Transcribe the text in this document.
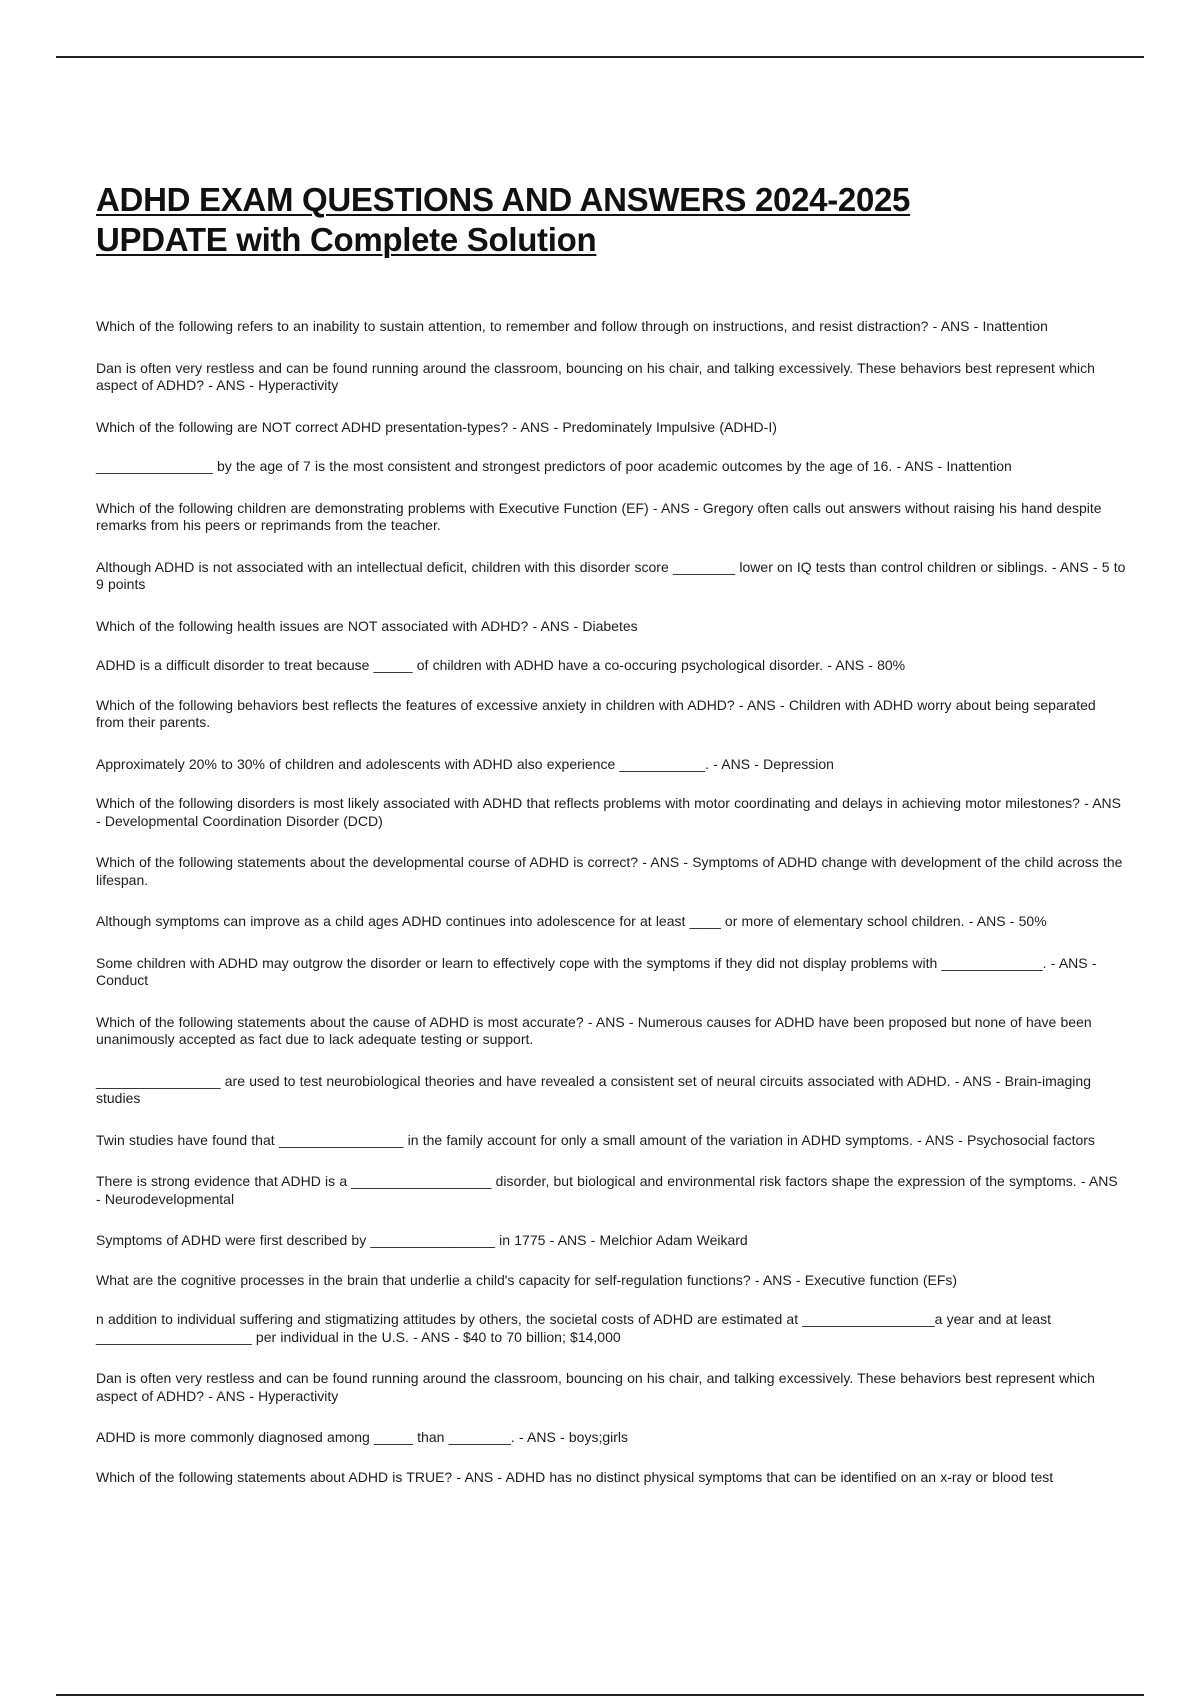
ADHD EXAM QUESTIONS AND ANSWERS 2024-2025
UPDATE with Complete Solution
Which of the following refers to an inability to sustain attention, to remember and follow through on instructions, and resist distraction? - ANS - Inattention
Dan is often very restless and can be found running around the classroom, bouncing on his chair, and talking excessively. These behaviors best represent which aspect of ADHD? - ANS - Hyperactivity
Which of the following are NOT correct ADHD presentation-types? - ANS - Predominately Impulsive (ADHD-I)
_______________ by the age of 7 is the most consistent and strongest predictors of poor academic outcomes by the age of 16. - ANS - Inattention
Which of the following children are demonstrating problems with Executive Function (EF) - ANS - Gregory often calls out answers without raising his hand despite remarks from his peers or reprimands from the teacher.
Although ADHD is not associated with an intellectual deficit, children with this disorder score ________ lower on IQ tests than control children or siblings. - ANS - 5 to 9 points
Which of the following health issues are NOT associated with ADHD? - ANS - Diabetes
ADHD is a difficult disorder to treat because _____ of children with ADHD have a co-occuring psychological disorder. - ANS - 80%
Which of the following behaviors best reflects the features of excessive anxiety in children with ADHD? - ANS - Children with ADHD worry about being separated from their parents.
Approximately 20% to 30% of children and adolescents with ADHD also experience ___________. - ANS - Depression
Which of the following disorders is most likely associated with ADHD that reflects problems with motor coordinating and delays in achieving motor milestones? - ANS - Developmental Coordination Disorder (DCD)
Which of the following statements about the developmental course of ADHD is correct? - ANS - Symptoms of ADHD change with development of the child across the lifespan.
Although symptoms can improve as a child ages ADHD continues into adolescence for at least ____ or more of elementary school children. - ANS - 50%
Some children with ADHD may outgrow the disorder or learn to effectively cope with the symptoms if they did not display problems with _____________. - ANS - Conduct
Which of the following statements about the cause of ADHD is most accurate? - ANS - Numerous causes for ADHD have been proposed but none of have been unanimously accepted as fact due to lack adequate testing or support.
________________ are used to test neurobiological theories and have revealed a consistent set of neural circuits associated with ADHD. - ANS - Brain-imaging studies
Twin studies have found that ________________ in the family account for only a small amount of the variation in ADHD symptoms. - ANS - Psychosocial factors
There is strong evidence that ADHD is a __________________ disorder, but biological and environmental risk factors shape the expression of the symptoms. - ANS - Neurodevelopmental
Symptoms of ADHD were first described by ________________ in 1775 - ANS - Melchior Adam Weikard
What are the cognitive processes in the brain that underlie a child's capacity for self-regulation functions? - ANS - Executive function (EFs)
n addition to individual suffering and stigmatizing attitudes by others, the societal costs of ADHD are estimated at _________________a year and at least ____________________ per individual in the U.S. - ANS - $40 to 70 billion; $14,000
Dan is often very restless and can be found running around the classroom, bouncing on his chair, and talking excessively. These behaviors best represent which aspect of ADHD? - ANS - Hyperactivity
ADHD is more commonly diagnosed among _____ than ________. - ANS - boys;girls
Which of the following statements about ADHD is TRUE? - ANS - ADHD has no distinct physical symptoms that can be identified on an x-ray or blood test
